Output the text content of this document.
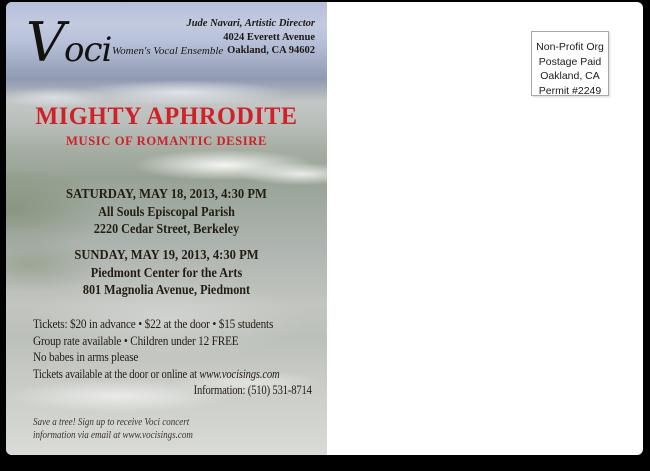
Voci Women's Vocal Ensemble
Jude Navari, Artistic Director
4024 Everett Avenue
Oakland, CA 94602
MIGHTY APHRODITE
MUSIC OF ROMANTIC DESIRE
SATURDAY, MAY 18, 2013, 4:30 PM
All Souls Episcopal Parish
2220 Cedar Street, Berkeley
SUNDAY, MAY 19, 2013, 4:30 PM
Piedmont Center for the Arts
801 Magnolia Avenue, Piedmont
Tickets: $20 in advance • $22 at the door • $15 students
Group rate available • Children under 12 FREE
No babes in arms please
Tickets available at the door or online at www.vocisings.com
Information: (510) 531-8714
Save a tree! Sign up to receive Voci concert
information via email at www.vocisings.com
Non-Profit Org
Postage Paid
Oakland, CA
Permit #2249
